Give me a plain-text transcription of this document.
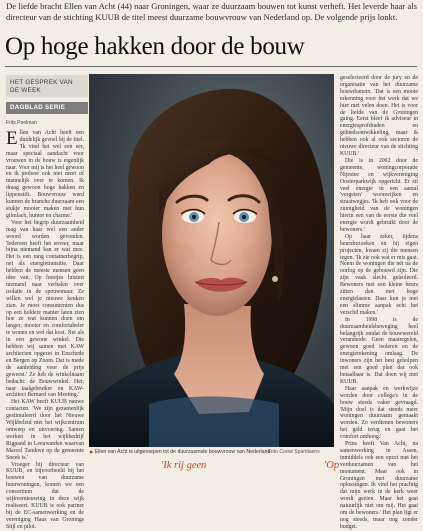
De liefde bracht Ellen van Acht (44) naar Groningen, waar ze duurzaam bouwen tot kunst verheft. Het leverde haar als directeur van de stichting KUUB de titel meest duurzame bouwvrouw van Nederland op. De volgende prijs lonkt.
Op hoge hakken door de bouw
HET GESPREK VAN DE WEEK
DAGBLAD SERIE
Frits Poelman

Ellen van Acht heeft een duidelijk gevoel bij de titel. 'Ik vind het wel een eer, maar speciaal aandacht voor vrouwen in de bouw is eigenlijk naar. Voor mij is het heel gewoon en ik probeer ook niet meer of mannelijk over te komen. Ik draag gewoon hoge hakken en lippenstift. Bouwvrouw werd kunnen de branche duurzaam een stukje mooier maken met hun gilmlach, humor en charme.'

Voor het begrip duurzaamheid mag van haar wel een ander woord worden gevonden. 'Iedereen heeft het erover, maar bijna niemand kan er wat mee. Het is een rang containerbegrip, net als energietransitie. Daar hebben de meeste mensen geen idee van. Op feestjes luistert niemand naar verhalen over isolatie in de spouwmuur. Ze willen wel je nieuwe keuken zien. Je moet consumenten dus op een holdere manier laten zien hoe ze wat kunnen doen om langer, mooier en comfortabeler te wonen en wel dat kost. Net als in een gewone winkel. Die hebben wij samen met KAW architecten opgezet in Enschede en Bergen op Zoom. Dat is mede de aanleiding voor de prijs geweest.' Ze heb de winkelnaam bedacht: de Bouwwinkel. Het; naar taalgebruiker en KAW-architect Bernard van Meeting.'

Het KAW heeft KUUB nauwe contacten. 'We zijn gezamenlijk gestimuleerd door het Nieuwe Wijkbeleid met het wijkcentrum ontwerp en uitvoering. Samen werken in het wijkbedrijf Rigpand in Leeuwarden waarvan Marcel Tamkwe op de gemeente Sneek is.'

Vroeger bij directeur van KUUB, en bijvoorbeeld bij het bouwen van duurzame huurwoningen, komen we een consortium dat de wijkvernieuwing in deze wijk realiseert. KUUB is ook partner bij de EC-samenwerking en de vereniging Haus van Gronings Stijl en pilot.

geselecteerd door de jury en de organisatie van het duurzame bouwdomein. 'Dat is een mooie erkenning voor het werk dat we hier met velen doen. Het is voor de liefde van de Groningen gaing. Eerst bleef ik adviseur in energiesprofdraden en gebiedsontwikkeling, maar ik hebben ook al ook sectoren de nieuwe directeur van de stichting KUUB.'

Die is in 2002 door de gemeente, woningcorporatie Nijestee en wijkvereniging Oosterparkwijk opgericht. Er zit veel energie in een aantal 'vergeten' woonwijken en straatwegjes. 'Ik heb ook voor de zuinigheid van de woningen hierin een van de eerste die veel energie wordt gebruikt door de bewoners.'

Op haar zeker, tijdens beursbezoeken en bij eigen projecten, kwam zij die mensen tegen. 'Ik zie ook wat er mis gaat. Neem de woningen die nét na de oorlog op de gebouwd zijn. Die zijn vaak slecht geïsoleerd. Bewoners met een kleine beurs zitten dan met hoge energielasten. Daar kun je met een slimme aanpak echt het verschil maken.'

In 1998 is de duurzaamheidsbeweging heel belangrijk omdat de bouwwereld veranderde. Geen maatregelen, gewoon goed isoleren en de energierekening omlaag. De inwoners zijn het best geholpen met een goed plan dat ook betaalbaar is. Dat doen wij met KUUB.

Haar aanpak en werkwijze worden door collega's in de bouw steeds vaker gevraagd. 'Mijn doel is dat steeds meer woningen duurzaam gemaakt worden. Zo verdienen bewoners het geld terug en gaat het comfort omhoog.'

Prins heeft Van Acht, na samenwerking in Assen, inmiddels ook een opzet met het verduurzamen van het monument. Maar ook in Groningen met duurzame oplossingen. Ik vind het prachtig dat mijn werk in de kerk weer wordt gezien. Maar het gaat natuurlijk niet om mij. Het gaat om de bewoners.' Het plan ligt er nog steeds, maar nog zonder budget.

● Ellen van Acht is uitgeroepen tot de duurzaamste bouwvrouw van Nederland.
Foto Corné Sparidaens
'Ik rij geen	'Op
